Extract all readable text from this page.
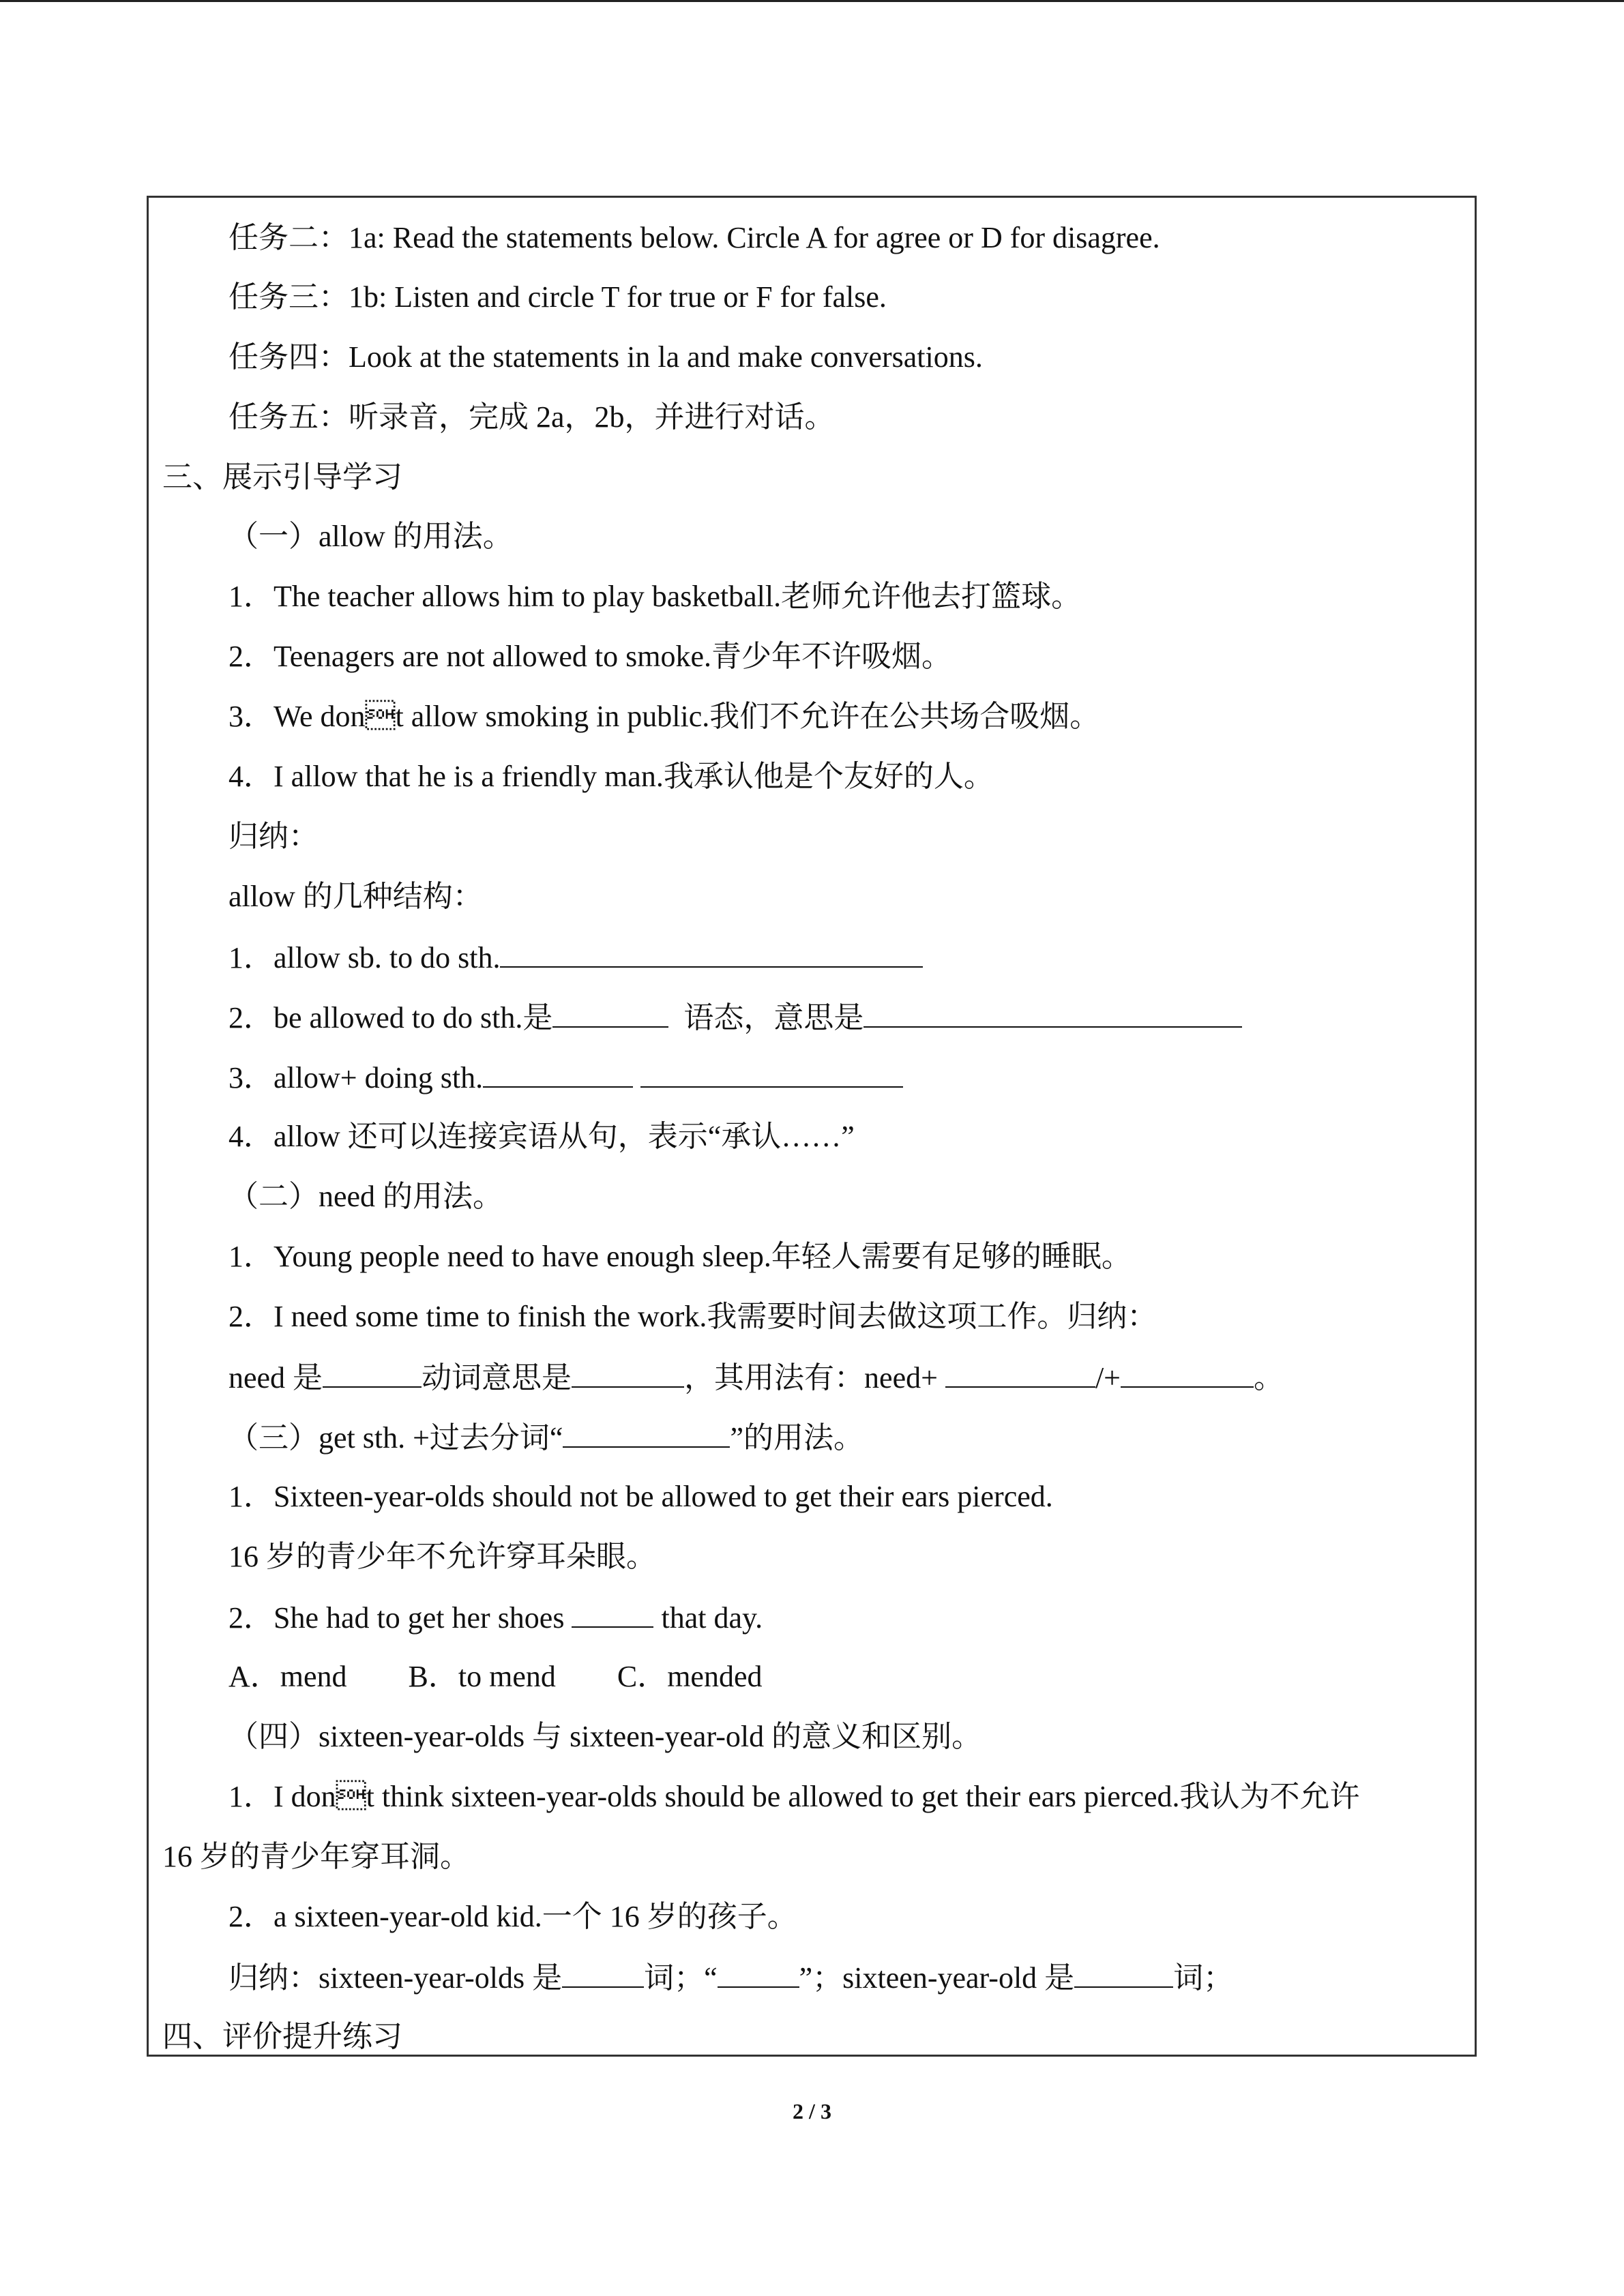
任务二：1a: Read the statements below. Circle A for agree or D for disagree.
任务三：1b: Listen and circle T for true or F for false.
任务四：Look at the statements in la and make conversations.
任务五：听录音，完成 2a，2b，并进行对话。
三、展示引导学习
（一）allow 的用法。
1．The teacher allows him to play basketball.老师允许他去打篮球。
2．Teenagers are not allowed to smoke.青少年不许吸烟。
3．We dont allow smoking in public.我们不允许在公共场合吸烟。
4．I allow that he is a friendly man.我承认他是个友好的人。
归纳：
allow 的几种结构：
1．allow sb. to do sth.
2．be allowed to do sth.是	语态，意思是
3．allow+ doing sth.
4．allow 还可以连接宾语从句，表示“承认……”
（二）need 的用法。
1．Young people need to have enough sleep.年轻人需要有足够的睡眠。
2．I need some time to finish the work.我需要时间去做这项工作。归纳：
need 是	动词意思是	，其用法有：need+	/+	。
（三）get sth. +过去分词“	”的用法。
1．Sixteen-year-olds should not be allowed to get their ears pierced.
16 岁的青少年不允许穿耳朵眼。
2．She had to get her shoes	that day.
A．mend B．to mend C．mended
（四）sixteen-year-olds 与 sixteen-year-old 的意义和区别。
1．I dont think sixteen-year-olds should be allowed to get their ears pierced.我认为不允许
16 岁的青少年穿耳洞。
2．a sixteen-year-old kid.一个 16 岁的孩子。
归纳：sixteen-year-olds 是	词；“	”；sixteen-year-old 是	词；
四、评价提升练习
2 / 3
